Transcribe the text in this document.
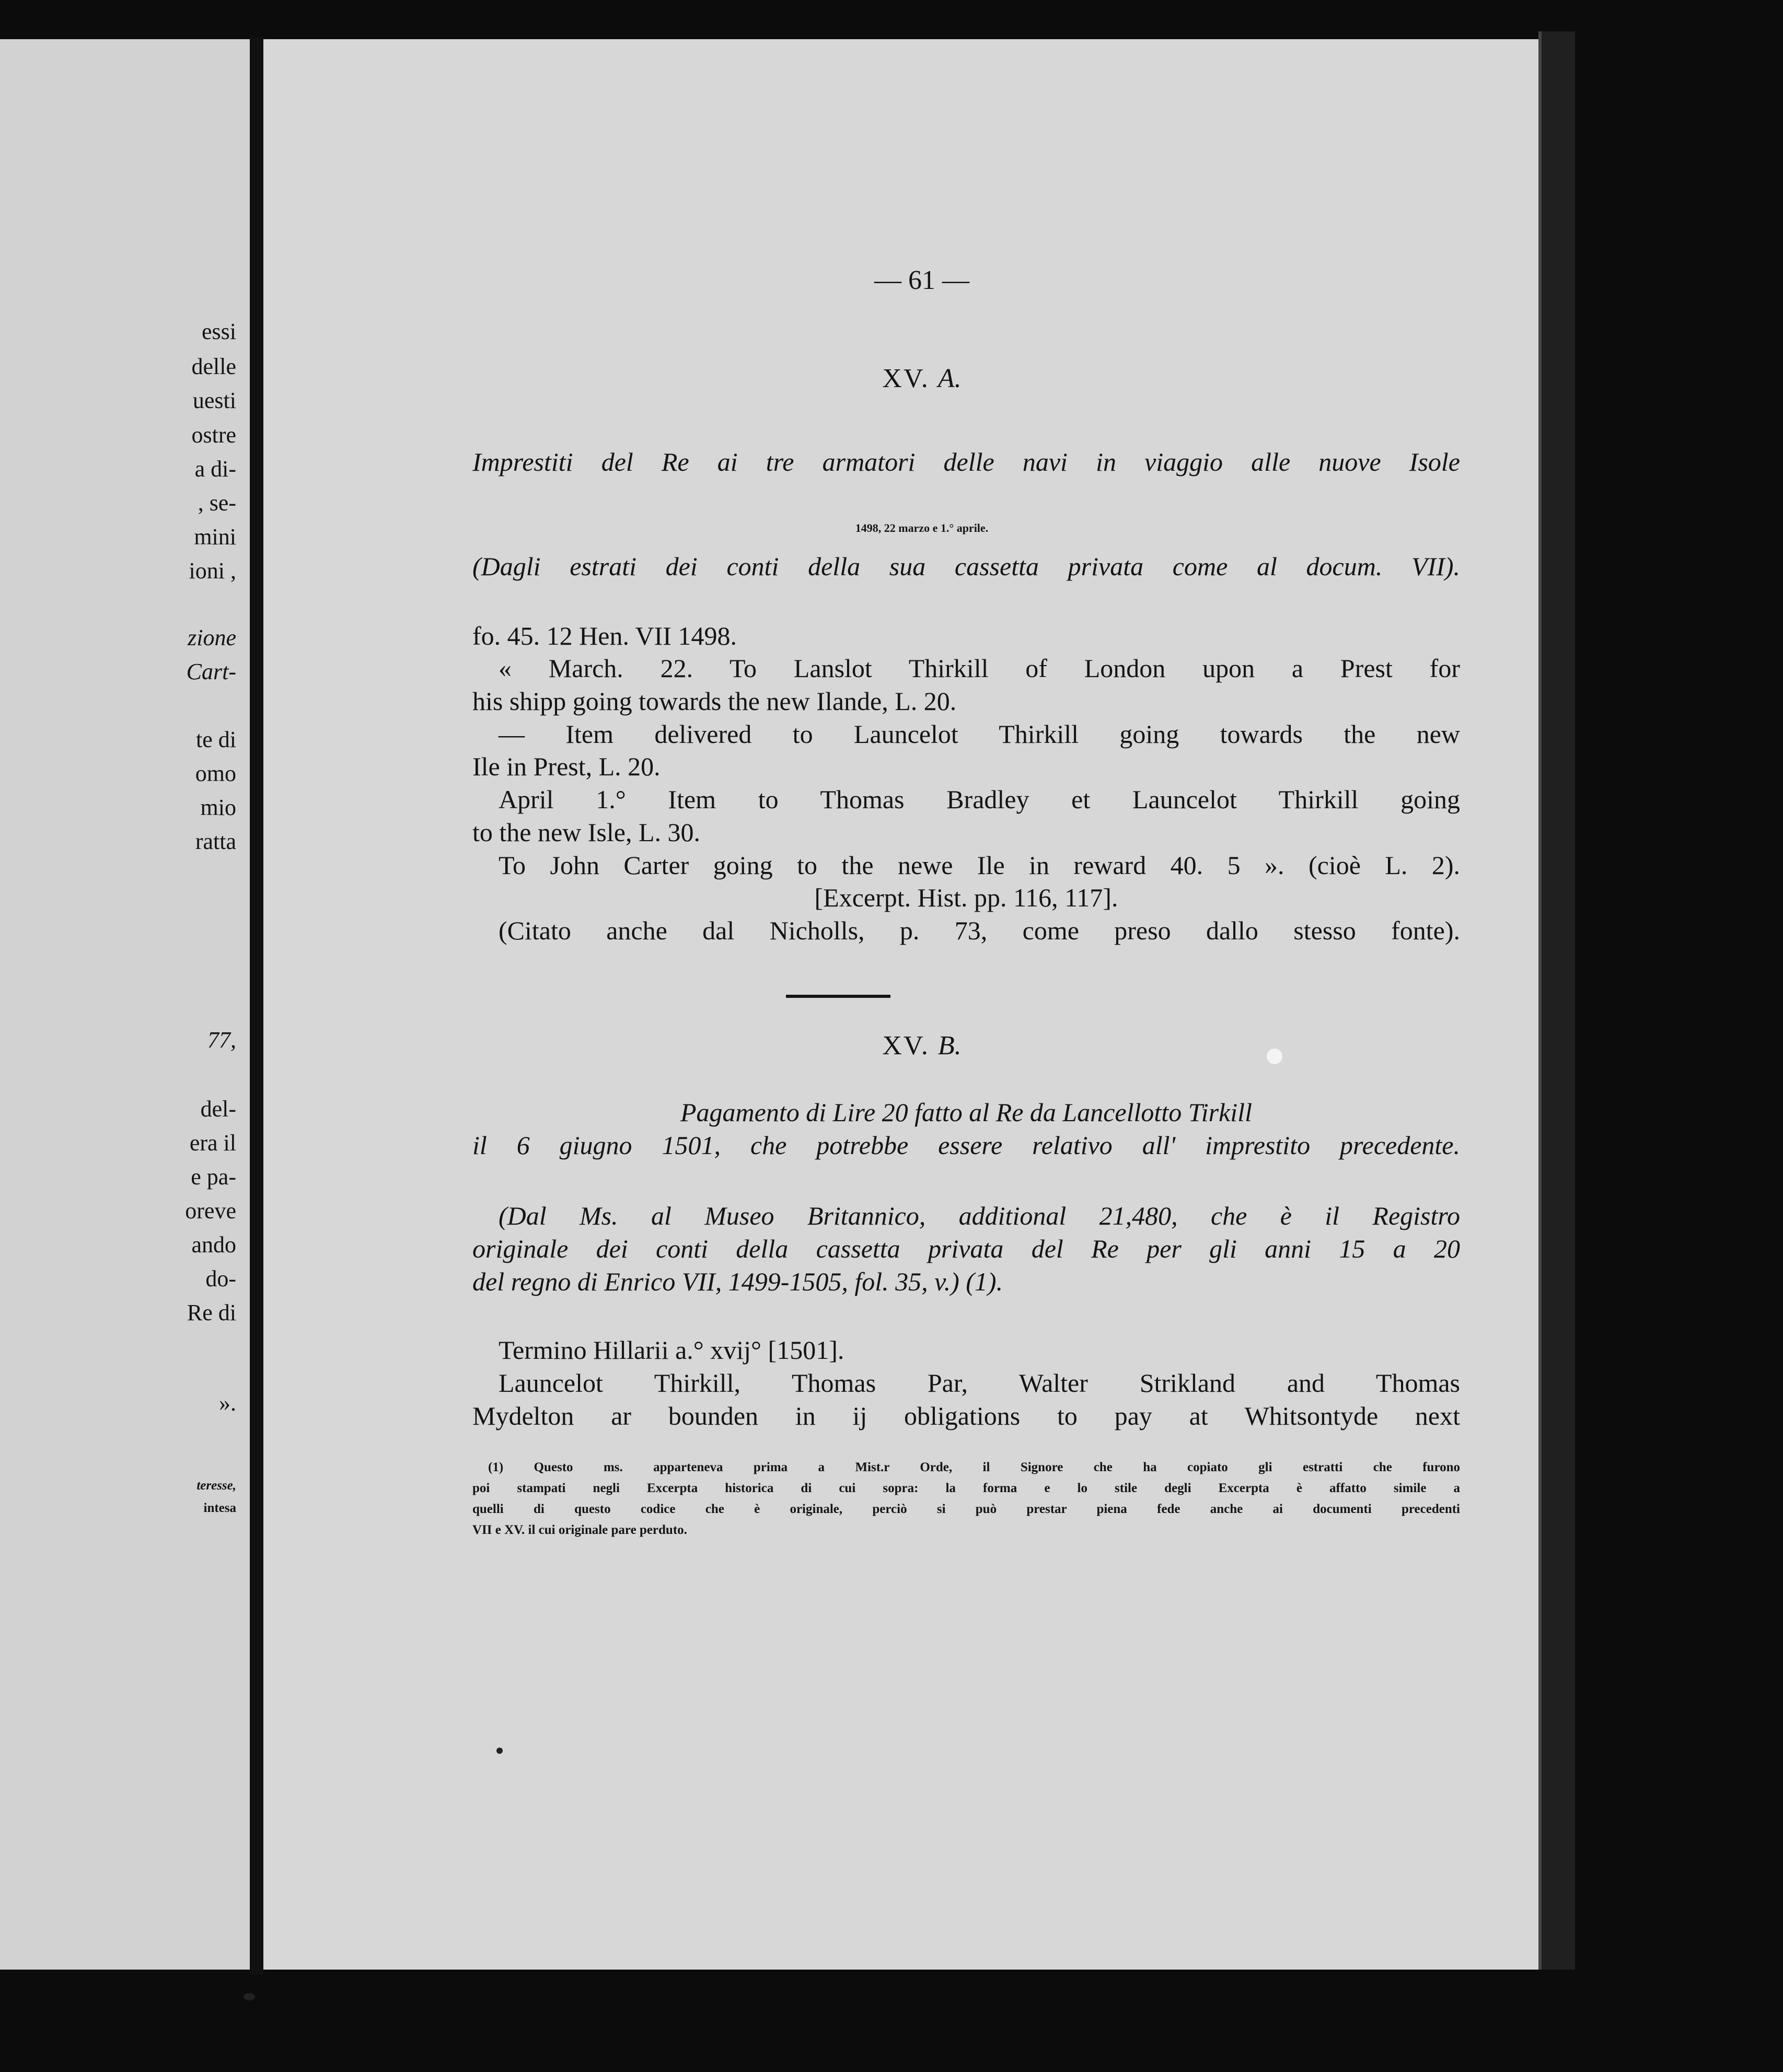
essi
delle
uesti
ostre
a di-
, se-
mini
ioni ,
zione
Cart-
te di
omo
mio
ratta
77,
del-
era il
e pa-
oreve
ando
do-
Re di
».
teresse,
intesa
— 61 —
XV. A.
Imprestiti del Re ai tre armatori delle navi in viaggio alle nuove Isole
1498, 22 marzo e 1.° aprile.
(Dagli estrati dei conti della sua cassetta privata come al docum. VII).
fo. 45. 12 Hen. VII 1498.
« March. 22. To Lanslot Thirkill of London upon a Prest for
his shipp going towards the new Ilande, L. 20.
— Item delivered to Launcelot Thirkill going towards the new
Ile in Prest, L. 20.
April 1.° Item to Thomas Bradley et Launcelot Thirkill going
to the new Isle, L. 30.
To John Carter going to the newe Ile in reward 40. 5 ». (cioè L. 2).
[Excerpt. Hist. pp. 116, 117].
(Citato anche dal Nicholls, p. 73, come preso dallo stesso fonte).
XV. B.
Pagamento di Lire 20 fatto al Re da Lancellotto Tirkill
il 6 giugno 1501, che potrebbe essere relativo all' imprestito precedente.
(Dal Ms. al Museo Britannico, additional 21,480, che è il Registro
originale dei conti della cassetta privata del Re per gli anni 15 a 20
del regno di Enrico VII, 1499-1505, fol. 35, v.) (1).
Termino Hillarii a.° xvij° [1501].
Launcelot Thirkill, Thomas Par, Walter Strikland and Thomas
Mydelton ar bounden in ij obligations to pay at Whitsontyde next
(1) Questo ms. apparteneva prima a Mist.r Orde, il Signore che ha copiato gli estratti che furono
poi stampati negli Excerpta historica di cui sopra: la forma e lo stile degli Excerpta è affatto simile a
quelli di questo codice che è originale, perciò si può prestar piena fede anche ai documenti precedenti
VII e XV. il cui originale pare perduto.
